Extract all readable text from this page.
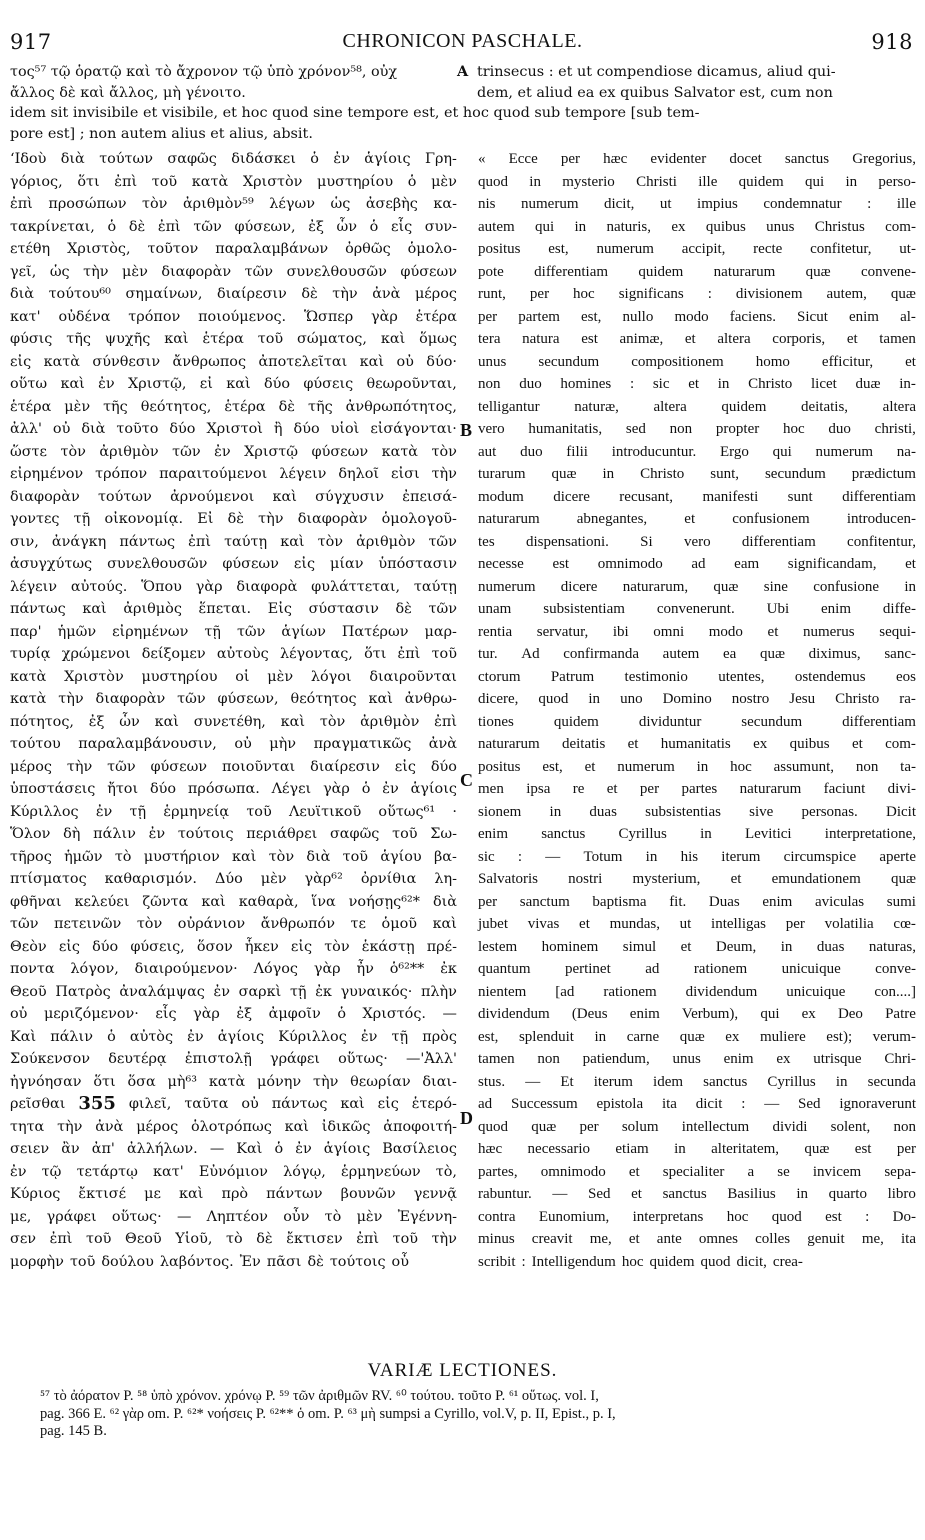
917	CHRONICON PASCHALE.	918
τος⁵⁷ τῷ ὁρατῷ καὶ τὸ ἄχρονον τῷ ὑπὸ χρόνον⁵⁸, οὐχ	A trinsecus : et ut compendiose dicamus, aliud qui-
ἄλλος δὲ καὶ ἄλλος, μὴ γένοιτο.	dem, et aliud ea ex quibus Salvator est, cum non
idem sit invisibile et visibile, et hoc quod sine tempore est, et hoc quod sub tempore [sub tem-
pore est] ; non autem alius et alius, absit.
ʻΙδοὺ διὰ τούτων σαφῶς διδάσκει ὁ ἐν ἁγίοις Γρη-
γόριος, ὅτι ἐπὶ τοῦ κατὰ Χριστὸν μυστηρίου ὁ μὲν
ἐπὶ προσώπων τὸν ἀριθμὸν⁵⁹ λέγων ὡς ἀσεβὴς κα-
τακρίνεται, ὁ δὲ ἐπὶ τῶν φύσεων, ἐξ ὧν ὁ εἷς συν-
ετέθη Χριστὸς, τοῦτον παραλαμβάνων ὀρθῶς ὁμολο-
γεῖ, ὡς τὴν μὲν διαφορὰν τῶν συνελθουσῶν φύσεων
διὰ τούτου⁶⁰ σημαίνων, διαίρεσιν δὲ τὴν ἀνὰ μέρος
κατ' οὐδένα τρόπον ποιούμενος. Ὥσπερ γὰρ ἑτέρα
φύσις τῆς ψυχῆς καὶ ἑτέρα τοῦ σώματος, καὶ ὅμως
εἰς κατὰ σύνθεσιν ἄνθρωπος ἀποτελεῖται καὶ οὐ δύο·
οὕτω καὶ ἐν Χριστῷ, εἰ καὶ δύο φύσεις θεωροῦνται,
ἑτέρα μὲν τῆς θεότητος, ἑτέρα δὲ τῆς ἀνθρωπότητος,
ἀλλ' οὐ διὰ τοῦτο δύο Χριστοὶ ἢ δύο υἱοὶ εἰσάγονται·
ὥστε τὸν ἀριθμὸν τῶν ἐν Χριστῷ φύσεων κατὰ τὸν
εἰρημένον τρόπον παραιτούμενοι λέγειν δηλοῖ εἰσι τὴν
διαφορὰν τούτων ἀρνούμενοι καὶ σύγχυσιν ἐπεισά-
γοντες τῇ οἰκονομίᾳ. Εἰ δὲ τὴν διαφορὰν ὁμολογοῦ-
σιν, ἀνάγκη πάντως ἐπὶ ταύτῃ καὶ τὸν ἀριθμὸν τῶν
ἀσυγχύτως συνελθουσῶν φύσεων εἰς μίαν ὑπόστασιν
λέγειν αὐτούς. Ὅπου γὰρ διαφορὰ φυλάττεται, ταύτῃ
πάντως καὶ ἀριθμὸς ἕπεται. Εἰς σύστασιν δὲ τῶν
παρ' ἡμῶν εἰρημένων τῇ τῶν ἁγίων Πατέρων μαρ-
τυρίᾳ χρώμενοι δείξομεν αὐτοὺς λέγοντας, ὅτι ἐπὶ τοῦ
κατὰ Χριστὸν μυστηρίου οἱ μὲν λόγοι διαιροῦνται
κατὰ τὴν διαφορὰν τῶν φύσεων, θεότητος καὶ ἀνθρω-
πότητος, ἐξ ὧν καὶ συνετέθη, καὶ τὸν ἀριθμὸν ἐπὶ
τούτου παραλαμβάνουσιν, οὐ μὴν πραγματικῶς ἀνὰ
μέρος τὴν τῶν φύσεων ποιοῦνται διαίρεσιν εἰς δύο
ὑποστάσεις ἤτοι δύο πρόσωπα. Λέγει γὰρ ὁ ἐν ἁγίοις
Κύριλλος ἐν τῇ ἑρμηνείᾳ τοῦ Λευϊτικοῦ οὕτως⁶¹ ·
Ὅλον δὴ πάλιν ἐν τούτοις περιάθρει σαφῶς τοῦ Σω-
τῆρος ἡμῶν τὸ μυστήριον καὶ τὸν διὰ τοῦ ἁγίου βα-
πτίσματος καθαρισμόν. Δύο μὲν γὰρ⁶² ὀρνίθια λη-
φθῆναι κελεύει ζῶντα καὶ καθαρὰ, ἵνα νοήσῃς⁶²* διὰ
τῶν πετεινῶν τὸν οὐράνιον ἄνθρωπόν τε ὁμοῦ καὶ
Θεὸν εἰς δύο φύσεις, ὅσον ἧκεν εἰς τὸν ἑκάστῃ πρέ-
ποντα λόγον, διαιρούμενον· Λόγος γὰρ ἦν ὁ⁶²** ἐκ
Θεοῦ Πατρὸς ἀναλάμψας ἐν σαρκὶ τῇ ἐκ γυναικός· πλὴν
οὐ μεριζόμενον· εἷς γὰρ ἐξ ἀμφοῖν ὁ Χριστός. —
Καὶ πάλιν ὁ αὐτὸς ἐν ἁγίοις Κύριλλος ἐν τῇ πρὸς
Σούκενσον δευτέρᾳ ἐπιστολῇ γράφει οὕτως· —'Ἀλλ'
ἠγνόησαν ὅτι ὅσα μὴ⁶³ κατὰ μόνην τὴν θεωρίαν διαι-
ρεῖσθαι 355 φιλεῖ, ταῦτα οὐ πάντως καὶ εἰς ἑτερό-
τητα τὴν ἀνὰ μέρος ὁλοτρόπως καὶ ἰδικῶς ἀποφοιτή-
σειεν ἂν ἀπ' ἀλλήλων. — Καὶ ὁ ἐν ἁγίοις Βασίλειος
ἐν τῷ τετάρτῳ κατ' Εὐνόμιον λόγῳ, ἑρμηνεύων τὸ,
Κύριος ἔκτισέ με καὶ πρὸ πάντων βουνῶν γεννᾷ
με, γράφει οὕτως· — Ληπτέον οὖν τὸ μὲν Ἐγέννη-
σεν ἐπὶ τοῦ Θεοῦ Υἱοῦ, τὸ δὲ ἔκτισεν ἐπὶ τοῦ τὴν
μορφὴν τοῦ δούλου λαβόντος. Ἐν πᾶσι δὲ τούτοις οὖ
« Ecce per hæc evidenter docet sanctus Gregorius,
quod in mysterio Christi ille quidem qui in perso-
nis numerum dicit, ut impius condemnatur : ille
autem qui in naturis, ex quibus unus Christus com-
positus est, numerum accipit, recte confitetur, ut-
pote differentiam quidem naturarum quæ convene-
runt, per hoc significans : divisionem autem, quæ
per partem est, nullo modo faciens. Sicut enim al-
tera natura est animæ, et altera corporis, et tamen
unus secundum compositionem homo efficitur, et
non duo homines : sic et in Christo licet duæ in-
telligantur naturæ, altera quidem deitatis, altera
vero humanitatis, sed non propter hoc duo christi,
aut duo filii introducuntur. Ergo qui numerum na-
turarum quæ in Christo sunt, secundum prædictum
modum dicere recusant, manifesti sunt differentiam
naturarum abnegantes, et confusionem introducen-
tes dispensationi. Si vero differentiam confitentur,
necesse est omnimodo ad eam significandam, et
numerum dicere naturarum, quæ sine confusione in
unam subsistentiam convenerunt. Ubi enim diffe-
rentia servatur, ibi omni modo et numerus sequi-
tur. Ad confirmanda autem ea quæ diximus, sanc-
ctorum Patrum testimonio utentes, ostendemus eos
dicere, quod in uno Domino nostro Jesu Christo ra-
tiones	quidem	dividuntur	secundum	differentiam
naturarum deitatis et humanitatis ex quibus et com-
positus est, et numerum in hoc assumunt, non ta-
men ipsa re et per partes naturarum faciunt divi-
sionem in duas subsistentias sive personas. Dicit
enim sanctus Cyrillus in Levitici interpretatione,
sic : — Totum in his iterum circumspice aperte
Salvatoris nostri mysterium, et emundationem quæ
per sanctum baptisma fit. Duas enim aviculas sumi
jubet vivas et mundas, ut intelligas per volatilia cœ-
lestem hominem simul et Deum, in duas naturas,
quantum pertinet ad rationem unicuique conve-
nientem [ad rationem dividendum unicuique con....]
dividendum (Deus enim Verbum), qui ex Deo Patre
est, splenduit in carne quæ ex muliere est); verum-
tamen non patiendum, unus enim ex utrisque Chri-
stus. — Et iterum idem sanctus Cyrillus in secunda
ad Successum epistola ita dicit : — Sed ignoraverunt
quod quæ per solum intellectum dividi solent, non
hæc necessario etiam in alteritatem, quæ est per
partes, omnimodo et specialiter a se invicem sepa-
rabuntur. — Sed et sanctus Basilius in quarto libro
contra Eunomium, interpretans hoc quod est : Do-
minus creavit me, et ante omnes colles genuit me, ita
scribit : Intelligendum hoc quidem quod dicit, crea-
B
C
D
VARIÆ LECTIONES.
⁵⁷ τὸ ἀόρατον P. ⁵⁸ ὑπὸ χρόνον. χρόνῳ P. ⁵⁹ τῶν ἀριθμῶν RV. ⁶⁰ τούτου. τοῦτο P. ⁶¹ οὕτως. vol. I,
pag. 366 E. ⁶² γὰρ om. P. ⁶²* νοήσεις P. ⁶²** ὁ om. P. ⁶³ μὴ sumpsi a Cyrillo, vol.V, p. II, Epist., p. I,
pag. 145 B.
